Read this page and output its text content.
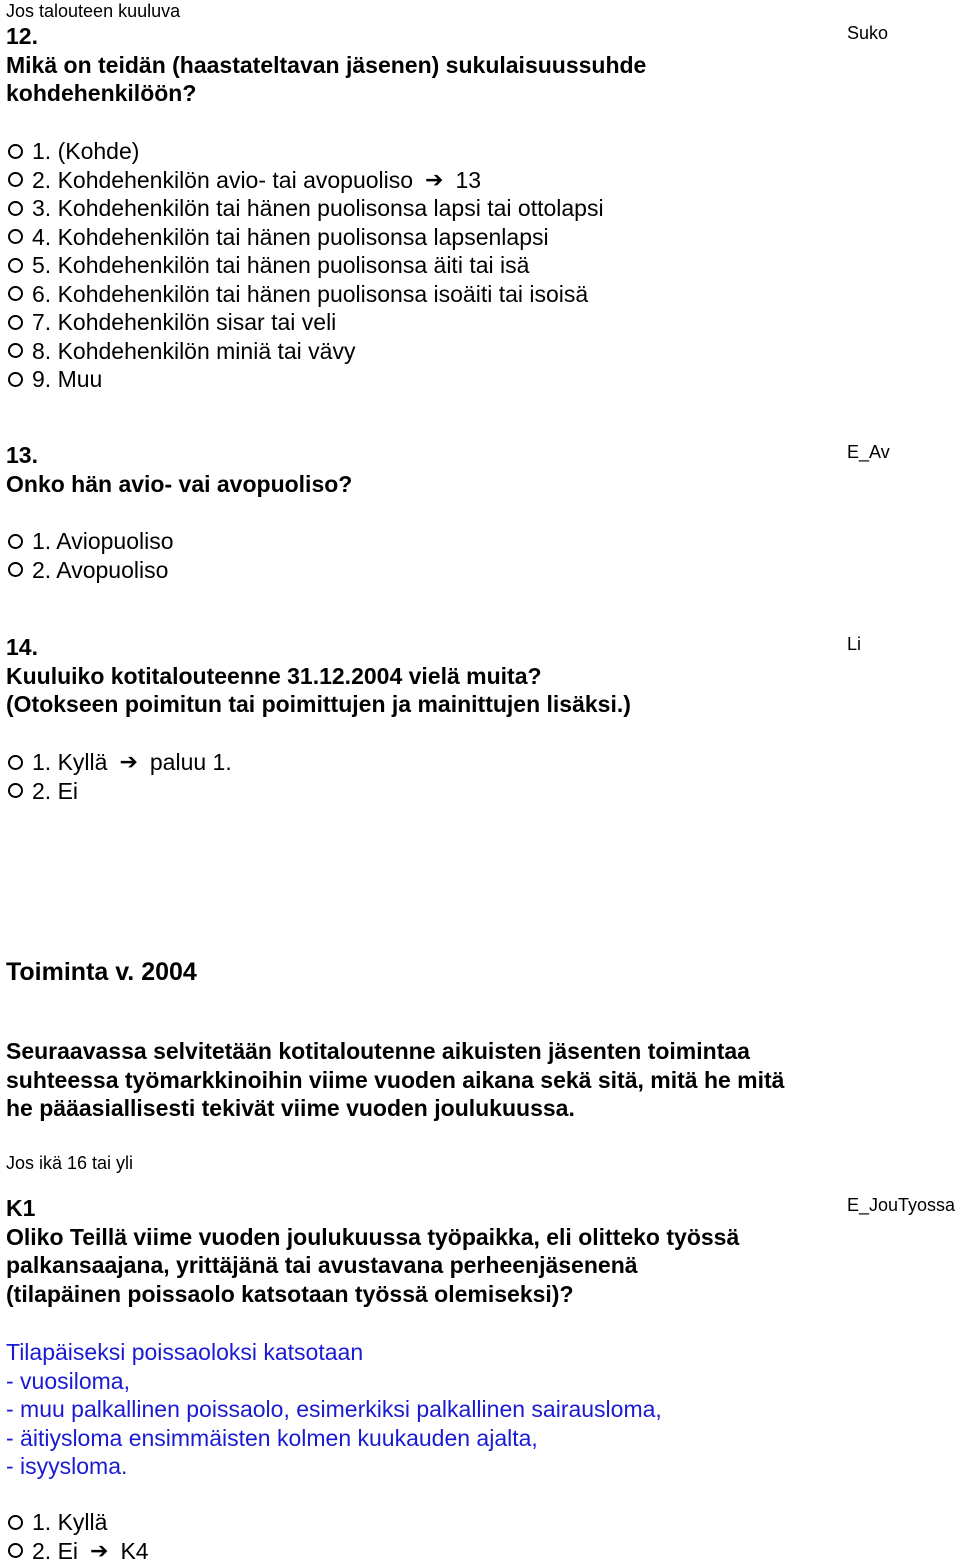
Jos talouteen kuuluva

12.
Mikä on teidän (haastateltavan jäsenen) sukulaisuussuhde
kohdehenkilöön?

Suko

1. (Kohde)
2. Kohdehenkilön avio- tai avopuoliso ➔ 13
3. Kohdehenkilön tai hänen puolisonsa lapsi tai ottolapsi
4. Kohdehenkilön tai hänen puolisonsa lapsenlapsi
5. Kohdehenkilön tai hänen puolisonsa äiti tai isä
6. Kohdehenkilön tai hänen puolisonsa isoäiti tai isoisä
7. Kohdehenkilön sisar tai veli
8. Kohdehenkilön miniä tai vävy
9. Muu
13.
Onko hän avio- vai avopuoliso?

E_Av

1. Aviopuoliso
2. Avopuoliso
14.
Kuuluiko kotitalouteenne 31.12.2004 vielä muita?
(Otokseen poimitun tai poimittujen ja mainittujen lisäksi.)

Li

1. Kyllä ➔ paluu 1.
2. Ei

Toiminta v. 2004

Seuraavassa selvitetään kotitaloutenne aikuisten jäsenten toimintaa
suhteessa työmarkkinoihin viime vuoden aikana sekä sitä, mitä he mitä
he pääasiallisesti tekivät viime vuoden joulukuussa.

Jos ikä 16 tai yli

K1
Oliko Teillä viime vuoden joulukuussa työpaikka, eli olitteko työssä
palkansaajana, yrittäjänä tai avustavana perheenjäsenenä
(tilapäinen poissaolo katsotaan työssä olemiseksi)?

E_JouTyossa

Tilapäiseksi poissaoloksi katsotaan
- vuosiloma,
- muu palkallinen poissaolo, esimerkiksi palkallinen sairausloma,
- äitiysloma ensimmäisten kolmen kuukauden ajalta,
- isyysloma.
1. Kyllä
2. Ei ➔ K4
